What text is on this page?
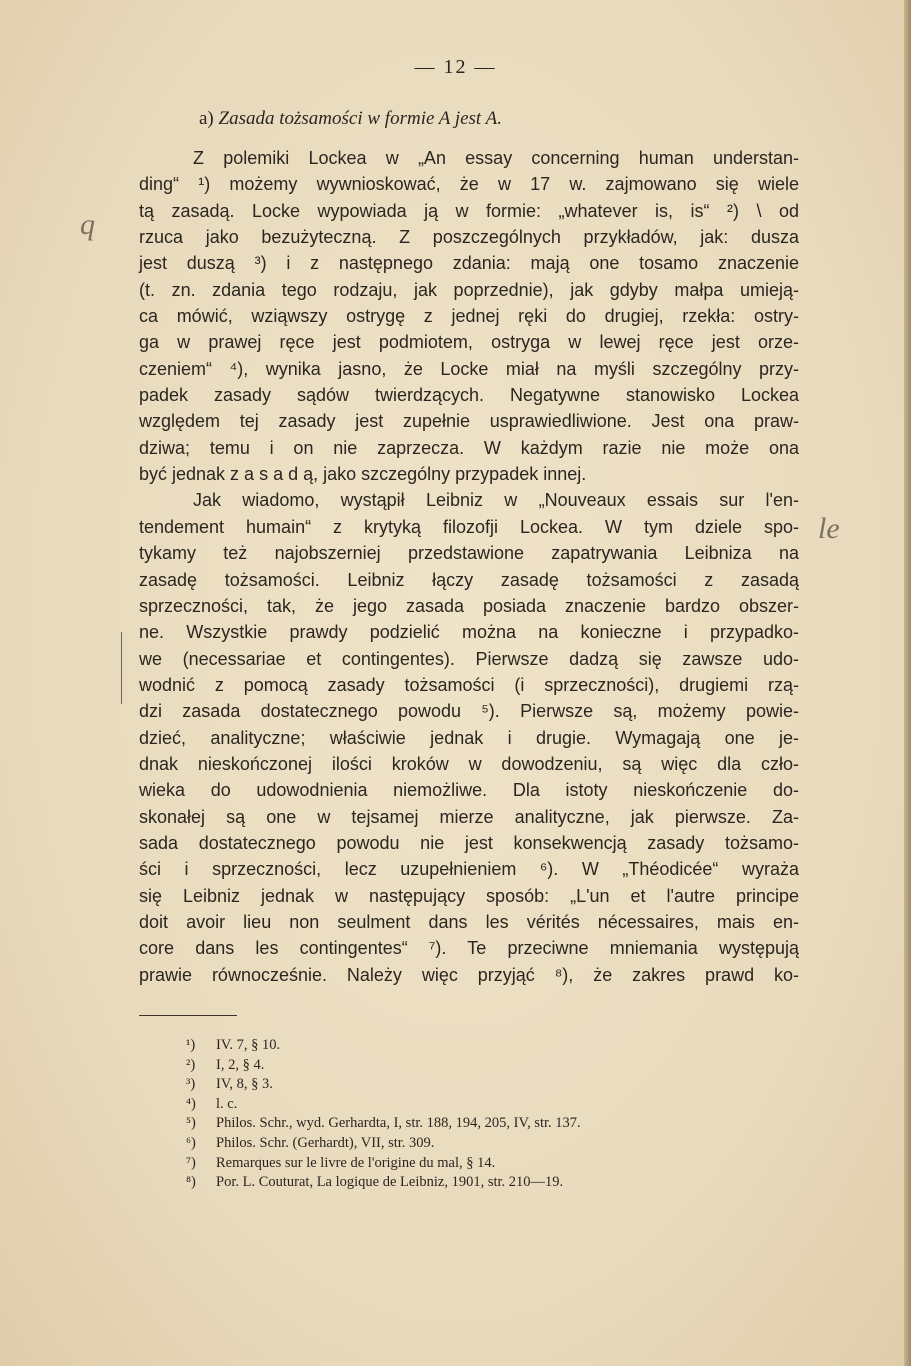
— 12 —
a) Zasada tożsamości w formie A jest A.
Z polemiki Lockea w „An essay concerning human understan-
ding“ ¹) możemy wywnioskować, że w 17 w. zajmowano się wiele
tą zasadą. Locke wypowiada ją w formie: „whatever is, is“ ²) \ od
rzuca jako bezużyteczną. Z poszczególnych przykładów, jak: dusza
jest duszą ³) i z następnego zdania: mają one tosamo znaczenie
(t. zn. zdania tego rodzaju, jak poprzednie), jak gdyby małpa umieją-
ca mówić, wziąwszy ostrygę z jednej ręki do drugiej, rzekła: ostry-
ga w prawej ręce jest podmiotem, ostryga w lewej ręce jest orze-
czeniem“ ⁴), wynika jasno, że Locke miał na myśli szczególny przy-
padek zasady sądów twierdzących. Negatywne stanowisko Lockea
względem tej zasady jest zupełnie usprawiedliwione. Jest ona praw-
dziwa; temu i on nie zaprzecza. W każdym razie nie może ona
być jednak z a s a d ą, jako szczególny przypadek innej.
Jak wiadomo, wystąpił Leibniz w „Nouveaux essais sur l'en-
tendement humain“ z krytyką filozofji Lockea. W tym dziele spo-
tykamy też najobszerniej przedstawione zapatrywania Leibniza na
zasadę tożsamości. Leibniz łączy zasadę tożsamości z zasadą
sprzeczności, tak, że jego zasada posiada znaczenie bardzo obszer-
ne. Wszystkie prawdy podzielić można na konieczne i przypadko-
we (necessariae et contingentes). Pierwsze dadzą się zawsze udo-
wodnić z pomocą zasady tożsamości (i sprzeczności), drugiemi rzą-
dzi zasada dostatecznego powodu ⁵). Pierwsze są, możemy powie-
dzieć, analityczne; właściwie jednak i drugie. Wymagają one je-
dnak nieskończonej ilości kroków w dowodzeniu, są więc dla czło-
wieka do udowodnienia niemożliwe. Dla istoty nieskończenie do-
skonałej są one w tejsamej mierze analityczne, jak pierwsze. Za-
sada dostatecznego powodu nie jest konsekwencją zasady tożsamo-
ści i sprzeczności, lecz uzupełnieniem ⁶). W „Théodicée“ wyraża
się Leibniz jednak w następujący sposób: „L'un et l'autre principe
doit avoir lieu non seulment dans les vérités nécessaires, mais en-
core dans les contingentes“ ⁷). Te przeciwne mniemania występują
prawie równocześnie. Należy więc przyjąć ⁸), że zakres prawd ko-
¹)	IV. 7, § 10.
²)	I, 2, § 4.
³)	IV, 8, § 3.
⁴)	l. c.
⁵)	Philos. Schr., wyd. Gerhardta, I, str. 188, 194, 205, IV, str. 137.
⁶)	Philos. Schr. (Gerhardt), VII, str. 309.
⁷)	Remarques sur le livre de l'origine du mal, § 14.
⁸)	Por. L. Couturat, La logique de Leibniz, 1901, str. 210—19.
q
le
